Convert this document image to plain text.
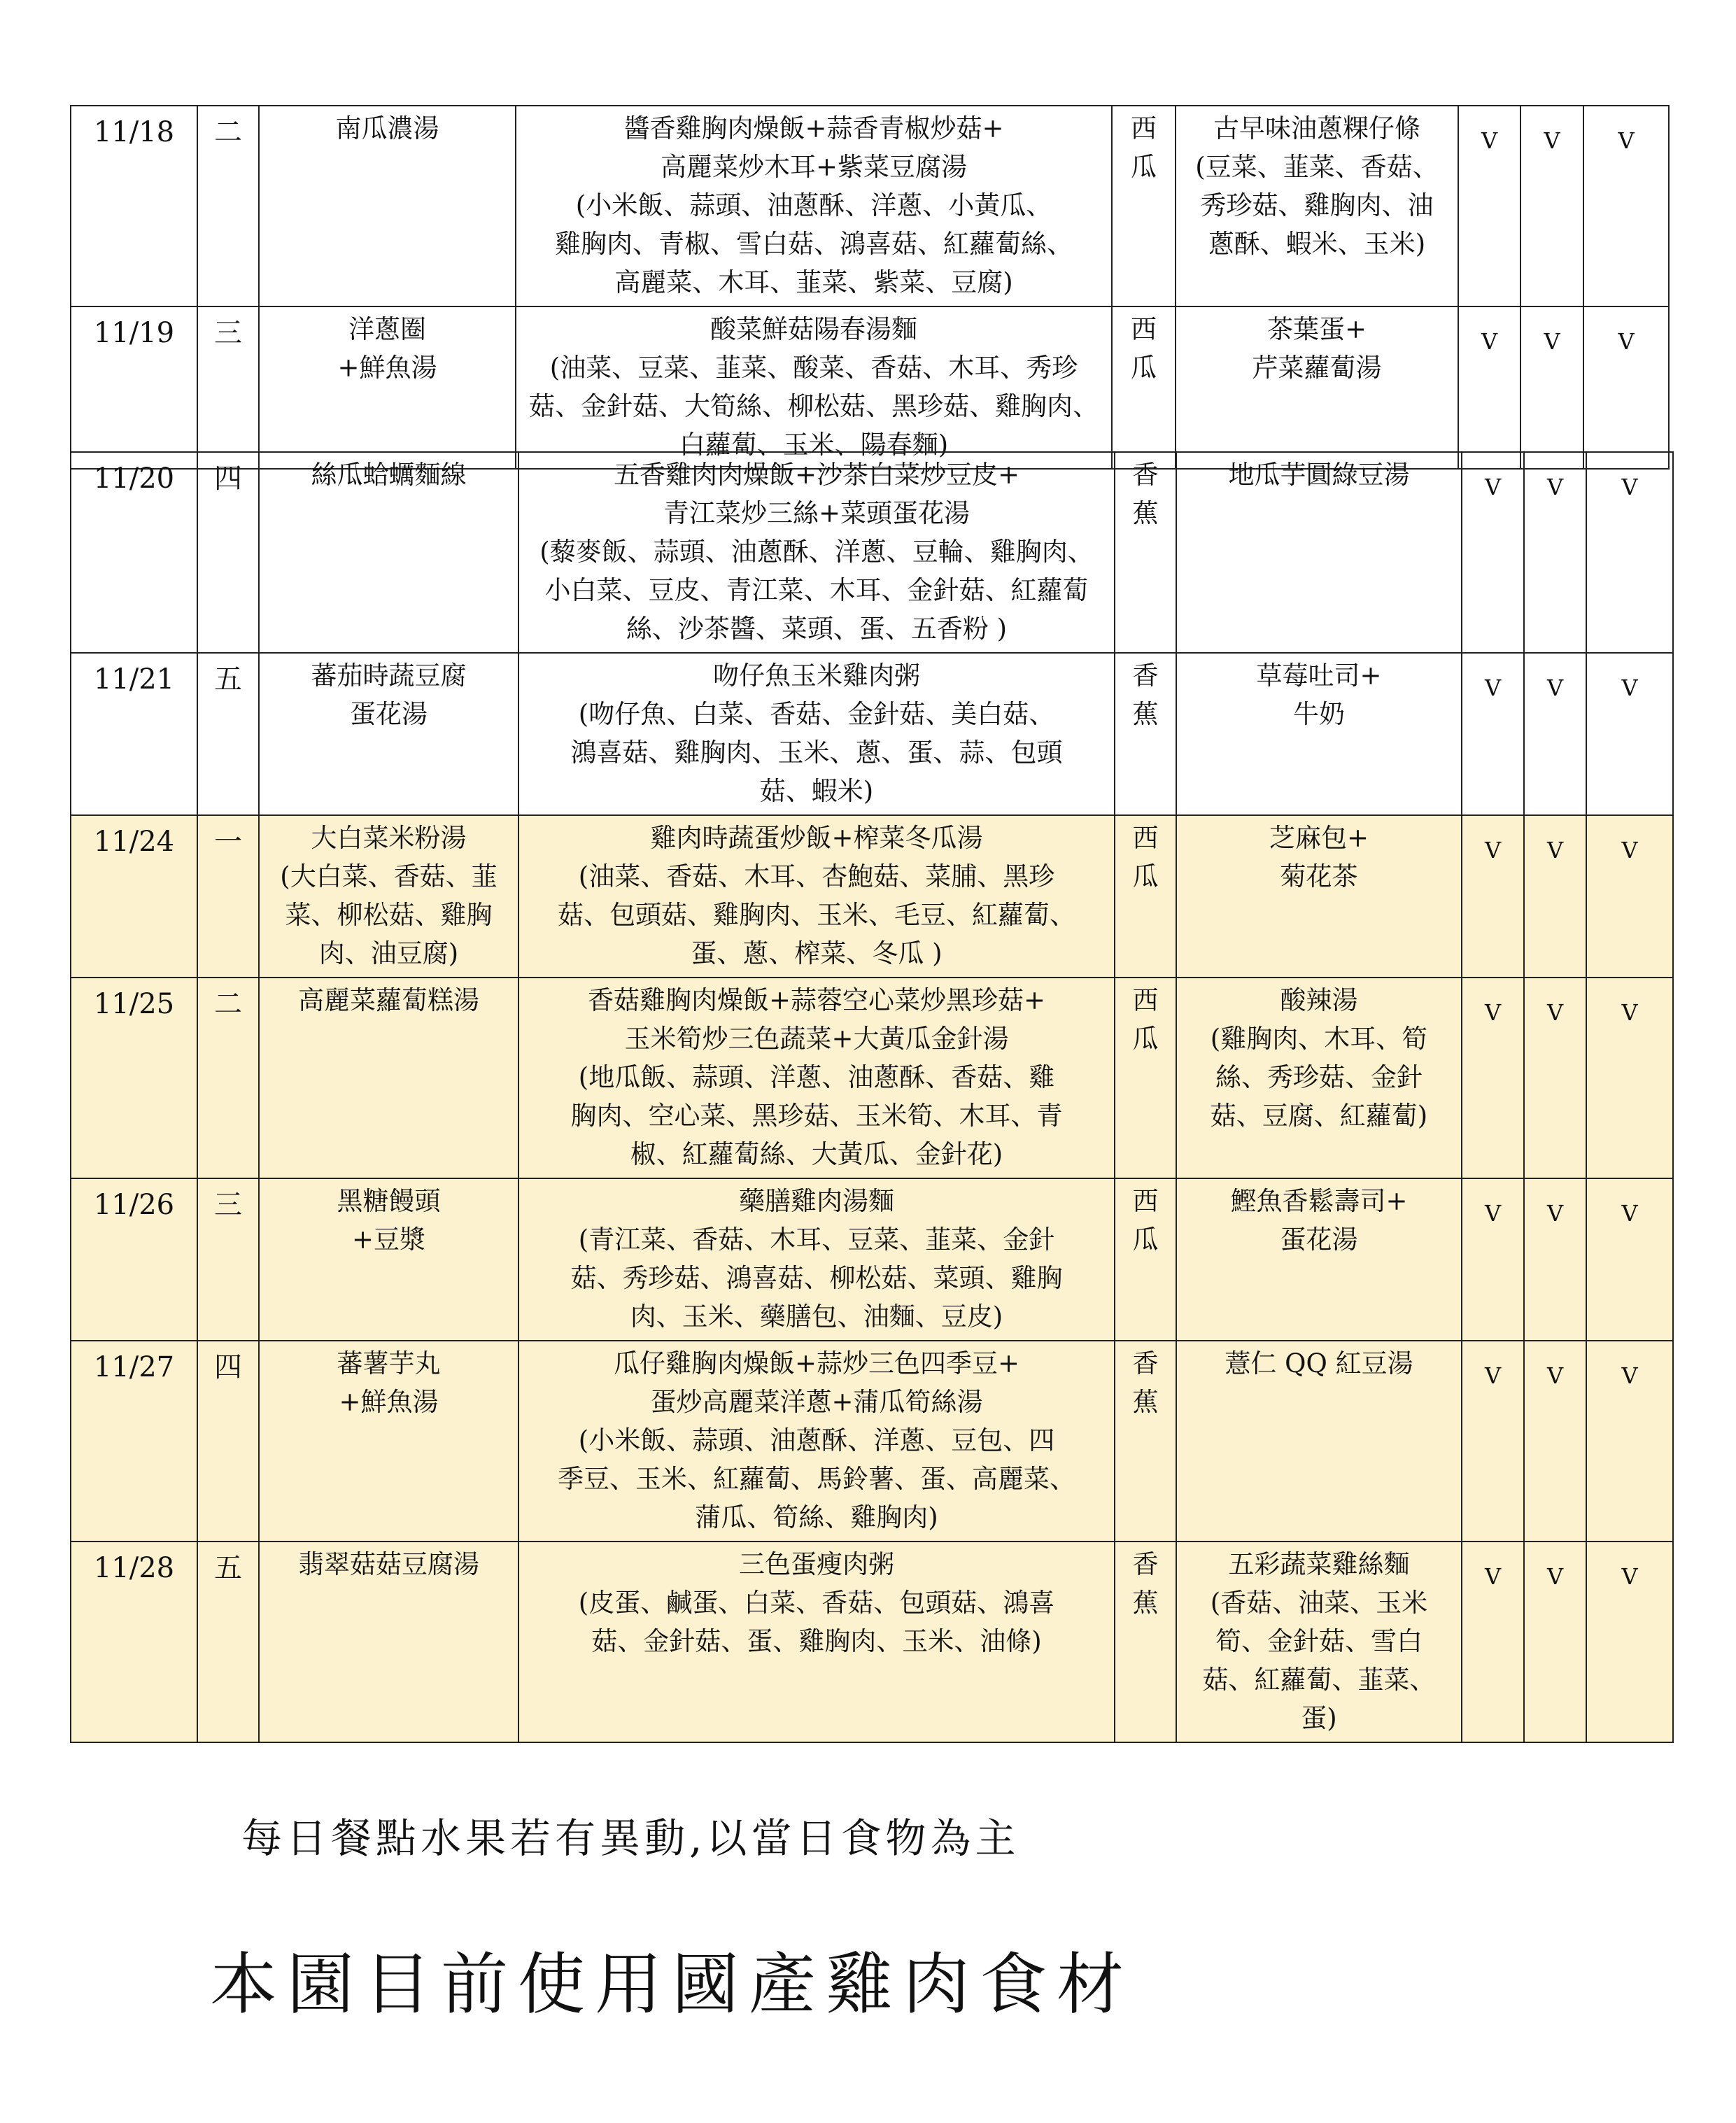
11/18	二	南瓜濃湯	醬香雞胸肉燥飯+蒜香青椒炒菇+
高麗菜炒木耳+紫菜豆腐湯
(小米飯、蒜頭、油蔥酥、洋蔥、小黃瓜、
雞胸肉、青椒、雪白菇、鴻喜菇、紅蘿蔔絲、
高麗菜、木耳、韮菜、紫菜、豆腐)	西
瓜	古早味油蔥粿仔條
(豆菜、韮菜、香菇、
秀珍菇、雞胸肉、油
蔥酥、蝦米、玉米)	V	V	V	
11/19	三	洋蔥圈
+鮮魚湯	酸菜鮮菇陽春湯麵
(油菜、豆菜、韮菜、酸菜、香菇、木耳、秀珍
菇、金針菇、大筍絲、柳松菇、黑珍菇、雞胸肉、
白蘿蔔、玉米、陽春麵)	西
瓜	茶葉蛋+
芹菜蘿蔔湯	V	V	V	
11/20	四	絲瓜蛤蠣麵線	五香雞肉肉燥飯+沙茶白菜炒豆皮+
青江菜炒三絲+菜頭蛋花湯
(藜麥飯、蒜頭、油蔥酥、洋蔥、豆輪、雞胸肉、
小白菜、豆皮、青江菜、木耳、金針菇、紅蘿蔔
絲、沙茶醬、菜頭、蛋、五香粉 )	香
蕉	地瓜芋圓綠豆湯	V	V	V	
11/21	五	蕃茄時蔬豆腐
蛋花湯	吻仔魚玉米雞肉粥
(吻仔魚、白菜、香菇、金針菇、美白菇、
鴻喜菇、雞胸肉、玉米、蔥、蛋、蒜、包頭
菇、蝦米)	香
蕉	草莓吐司+
牛奶	V	V	V	
11/24	一	大白菜米粉湯
(大白菜、香菇、韮
菜、柳松菇、雞胸
肉、油豆腐)	雞肉時蔬蛋炒飯+榨菜冬瓜湯
(油菜、香菇、木耳、杏鮑菇、菜脯、黑珍
菇、包頭菇、雞胸肉、玉米、毛豆、紅蘿蔔、
蛋、蔥、榨菜、冬瓜 )	西
瓜	芝麻包+
菊花茶	V	V	V	
11/25	二	高麗菜蘿蔔糕湯	香菇雞胸肉燥飯+蒜蓉空心菜炒黑珍菇+
玉米筍炒三色蔬菜+大黃瓜金針湯
(地瓜飯、蒜頭、洋蔥、油蔥酥、香菇、雞
胸肉、空心菜、黑珍菇、玉米筍、木耳、青
椒、紅蘿蔔絲、大黃瓜、金針花)	西
瓜	酸辣湯
(雞胸肉、木耳、筍
絲、秀珍菇、金針
菇、豆腐、紅蘿蔔)	V	V	V	
11/26	三	黑糖饅頭
+豆漿	藥膳雞肉湯麵
(青江菜、香菇、木耳、豆菜、韮菜、金針
菇、秀珍菇、鴻喜菇、柳松菇、菜頭、雞胸
肉、玉米、藥膳包、油麵、豆皮)	西
瓜	鰹魚香鬆壽司+
蛋花湯	V	V	V	
11/27	四	蕃薯芋丸
+鮮魚湯	瓜仔雞胸肉燥飯+蒜炒三色四季豆+
蛋炒高麗菜洋蔥+蒲瓜筍絲湯
(小米飯、蒜頭、油蔥酥、洋蔥、豆包、四
季豆、玉米、紅蘿蔔、馬鈴薯、蛋、高麗菜、
蒲瓜、筍絲、雞胸肉)	香
蕉	薏仁 QQ 紅豆湯	V	V	V	
11/28	五	翡翠菇菇豆腐湯	三色蛋瘦肉粥
(皮蛋、鹹蛋、白菜、香菇、包頭菇、鴻喜
菇、金針菇、蛋、雞胸肉、玉米、油條)	香
蕉	五彩蔬菜雞絲麵
(香菇、油菜、玉米
筍、金針菇、雪白
菇、紅蘿蔔、韮菜、
蛋)	V	V	V	

每日餐點水果若有異動,以當日食物為主

本園目前使用國產雞肉食材
